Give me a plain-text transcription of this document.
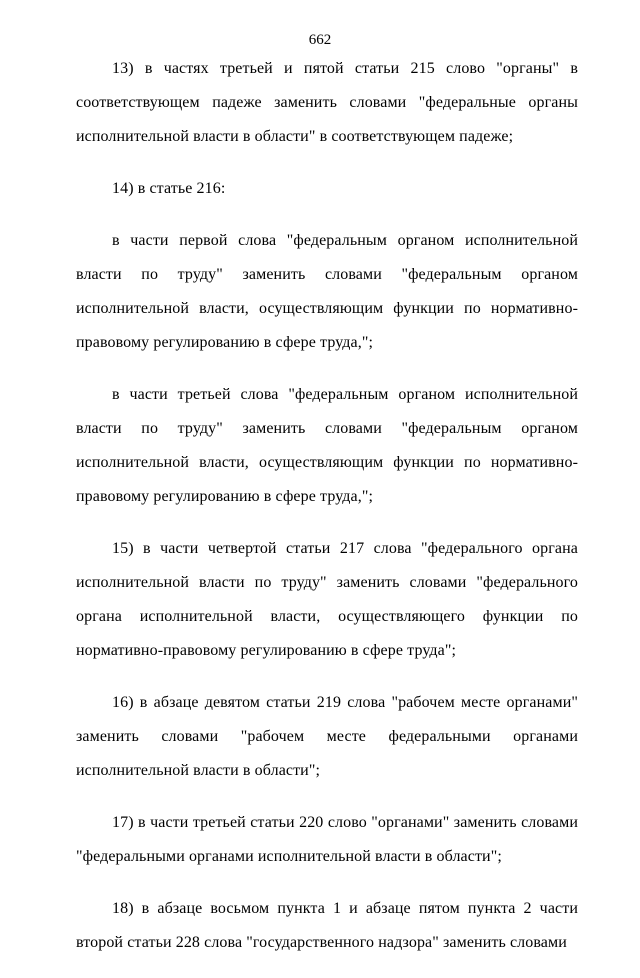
662

13) в частях третьей и пятой статьи 215 слово "органы" в соответствующем падеже заменить словами "федеральные органы исполнительной власти в области" в соответствующем падеже;

14) в статье 216:

в части первой слова "федеральным органом исполнительной власти по труду" заменить словами "федеральным органом исполнительной власти, осуществляющим функции по нормативно-правовому регулированию в сфере труда,";

в части третьей слова "федеральным органом исполнительной власти по труду" заменить словами "федеральным органом исполнительной власти, осуществляющим функции по нормативно-правовому регулированию в сфере труда,";

15) в части четвертой статьи 217 слова "федерального органа исполнительной власти по труду" заменить словами "федерального органа исполнительной власти, осуществляющего функции по нормативно-правовому регулированию в сфере труда";

16) в абзаце девятом статьи 219 слова "рабочем месте органами" заменить словами "рабочем месте федеральными органами исполнительной власти в области";

17) в части третьей статьи 220 слово "органами" заменить словами "федеральными органами исполнительной власти в области";

18) в абзаце восьмом пункта 1 и абзаце пятом пункта 2 части второй статьи 228 слова "государственного надзора" заменить словами
